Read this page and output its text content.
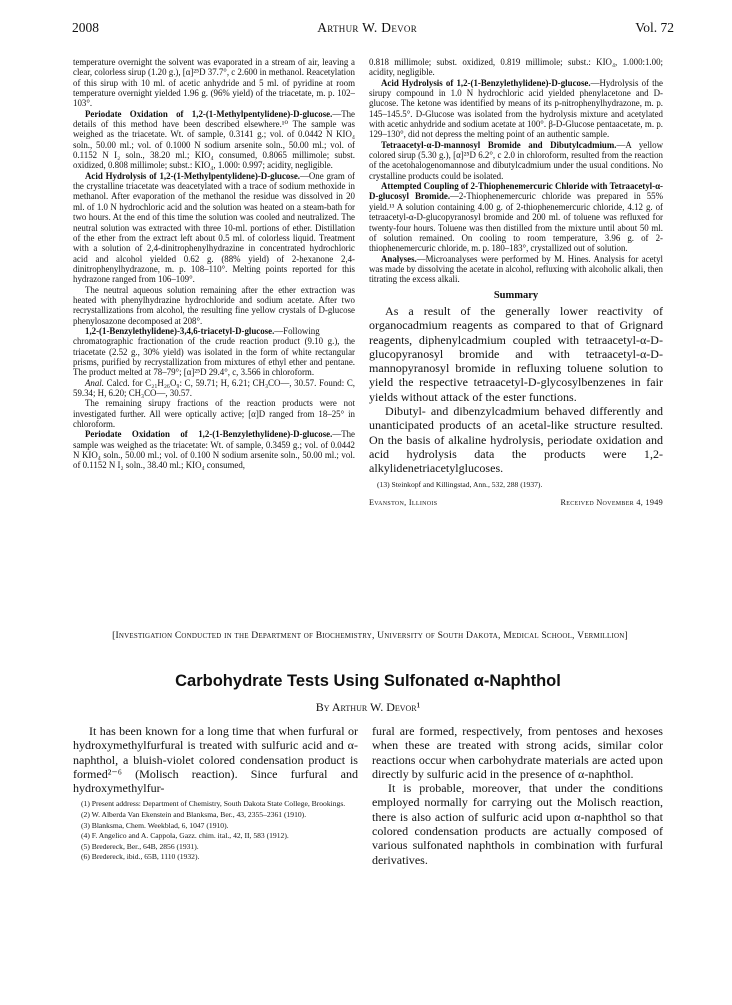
2008	Arthur W. Devor	Vol. 72

temperature overnight the solvent was evaporated in a stream of air, leaving a clear, colorless sirup (1.20 g.), [α]²⁵D 37.7°, c 2.600 in methanol. Reacetylation of this sirup with 10 ml. of acetic anhydride and 5 ml. of pyridine at room temperature overnight yielded 1.96 g. (96% yield) of the triacetate, m. p. 102–103°.

Periodate Oxidation of 1,2-(1-Methylpentylidene)-D-glucose.—The details of this method have been described elsewhere.¹⁰ The sample was weighed as the triacetate. Wt. of sample, 0.3141 g.; vol. of 0.0442 N KIO₄ soln., 50.00 ml.; vol. of 0.1000 N sodium arsenite soln., 50.00 ml.; vol. of 0.1152 N I₂ soln., 38.20 ml.; KIO₄ consumed, 0.8065 millimole; subst. oxidized, 0.808 millimole; subst.: KIO₄, 1.000: 0.997; acidity, negligible.

Acid Hydrolysis of 1,2-(1-Methylpentylidene)-D-glucose.—One gram of the crystalline triacetate was deacetylated with a trace of sodium methoxide in methanol. After evaporation of the methanol the residue was dissolved in 20 ml. of 1.0 N hydrochloric acid and the solution was heated on a steam-bath for two hours. At the end of this time the solution was cooled and neutralized. The neutral solution was extracted with three 10-ml. portions of ether. Distillation of the ether from the extract left about 0.5 ml. of colorless liquid. Treatment with a solution of 2,4-dinitrophenylhydrazine in concentrated hydrochloric acid and alcohol yielded 0.62 g. (88% yield) of 2-hexanone 2,4-dinitrophenylhydrazone, m. p. 108–110°. Melting points reported for this hydrazone ranged from 106–109°.

The neutral aqueous solution remaining after the ether extraction was heated with phenylhydrazine hydrochloride and sodium acetate. After two recrystallizations from alcohol, the resulting fine yellow crystals of D-glucose phenylosazone decomposed at 208°.

1,2-(1-Benzylethylidene)-3,4,6-triacetyl-D-glucose.—Following chromatographic fractionation of the crude reaction product (9.10 g.), the triacetate (2.52 g., 30% yield) was isolated in the form of white rectangular prisms, purified by recrystallization from mixtures of ethyl ether and pentane. The product melted at 78–79°; [α]²⁵D 29.4°, c, 3.566 in chloroform.

Anal. Calcd. for C₂₁H₂₆O₉: C, 59.71; H, 6.21; CH₃CO—, 30.57. Found: C, 59.34; H, 6.20; CH₃CO—, 30.57.

The remaining sirupy fractions of the reaction products were not investigated further. All were optically active; [α]D ranged from 18–25° in chloroform.

Periodate Oxidation of 1,2-(1-Benzylethylidene)-D-glucose.—The sample was weighed as the triacetate: Wt. of sample, 0.3459 g.; vol. of 0.0442 N KIO₄ soln., 50.00 ml.; vol. of 0.100 N sodium arsenite soln., 50.00 ml.; vol. of 0.1152 N I₂ soln., 38.40 ml.; KIO₄ consumed,

0.818 millimole; subst. oxidized, 0.819 millimole; subst.: KIO₄, 1.000:1.00; acidity, negligible.

Acid Hydrolysis of 1,2-(1-Benzylethylidene)-D-glucose.—Hydrolysis of the sirupy compound in 1.0 N hydrochloric acid yielded phenylacetone and D-glucose. The ketone was identified by means of its p-nitrophenylhydrazone, m. p. 145–145.5°. D-Glucose was isolated from the hydrolysis mixture and acetylated with acetic anhydride and sodium acetate at 100°. β-D-Glucose pentaacetate, m. p. 129–130°, did not depress the melting point of an authentic sample.

Tetraacetyl-α-D-mannosyl Bromide and Dibutylcadmium.—A yellow colored sirup (5.30 g.), [α]²⁵D 6.2°, c 2.0 in chloroform, resulted from the reaction of the acetohalogenomannose and dibutylcadmium under the usual conditions. No crystalline products could be isolated.

Attempted Coupling of 2-Thiophenemercuric Chloride with Tetraacetyl-α-D-glucosyl Bromide.—2-Thiophenemercuric chloride was prepared in 55% yield.¹³ A solution containing 4.00 g. of 2-thiophenemercuric chloride, 4.12 g. of tetraacetyl-α-D-glucopyranosyl bromide and 200 ml. of toluene was refluxed for twenty-four hours. Toluene was then distilled from the mixture until about 50 ml. of solution remained. On cooling to room temperature, 3.96 g. of 2-thiophenemercuric chloride, m. p. 180–183°, crystallized out of solution.

Analyses.—Microanalyses were performed by M. Hines. Analysis for acetyl was made by dissolving the acetate in alcohol, refluxing with alcoholic alkali, then titrating the excess alkali.

Summary

As a result of the generally lower reactivity of organocadmium reagents as compared to that of Grignard reagents, diphenylcadmium coupled with tetraacetyl-α-D-glucopyranosyl bromide and with tetraacetyl-α-D-mannopyranosyl bromide in refluxing toluene solution to yield the respective tetraacetyl-D-glycosylbenzenes in fair yields without attack of the ester functions.

Dibutyl- and dibenzylcadmium behaved differently and unanticipated products of an acetal-like structure resulted. On the basis of alkaline hydrolysis, periodate oxidation and acid hydrolysis data the products were 1,2-alkylidenetriacetylglucoses.

(13) Steinkopf and Killingstad, Ann., 532, 288 (1937).

Evanston, Illinois	Received November 4, 1949
[Investigation Conducted in the Department of Biochemistry, University of South Dakota, Medical School, Vermillion]
Carbohydrate Tests Using Sulfonated α-Naphthol
By Arthur W. Devor¹

It has been known for a long time that when furfural or hydroxymethylfurfural is treated with sulfuric acid and α-naphthol, a bluish-violet colored condensation product is formed²⁻⁶ (Molisch reaction). Since furfural and hydroxymethylfur-

(1) Present address: Department of Chemistry, South Dakota State College, Brookings.

(2) W. Alberda Van Ekenstein and Blanksma, Ber., 43, 2355–2361 (1910).

(3) Blanksma, Chem. Weekblad, 6, 1047 (1910).

(4) F. Angelico and A. Cappola, Gazz. chim. ital., 42, II, 583 (1912).

(5) Bredereck, Ber., 64B, 2856 (1931).

(6) Bredereck, ibid., 65B, 1110 (1932).

fural are formed, respectively, from pentoses and hexoses when these are treated with strong acids, similar color reactions occur when carbohydrate materials are acted upon directly by sulfuric acid in the presence of α-naphthol.

It is probable, moreover, that under the conditions employed normally for carrying out the Molisch reaction, there is also action of sulfuric acid upon α-naphthol so that colored condensation products are actually composed of various sulfonated naphthols in combination with furfural derivatives.
